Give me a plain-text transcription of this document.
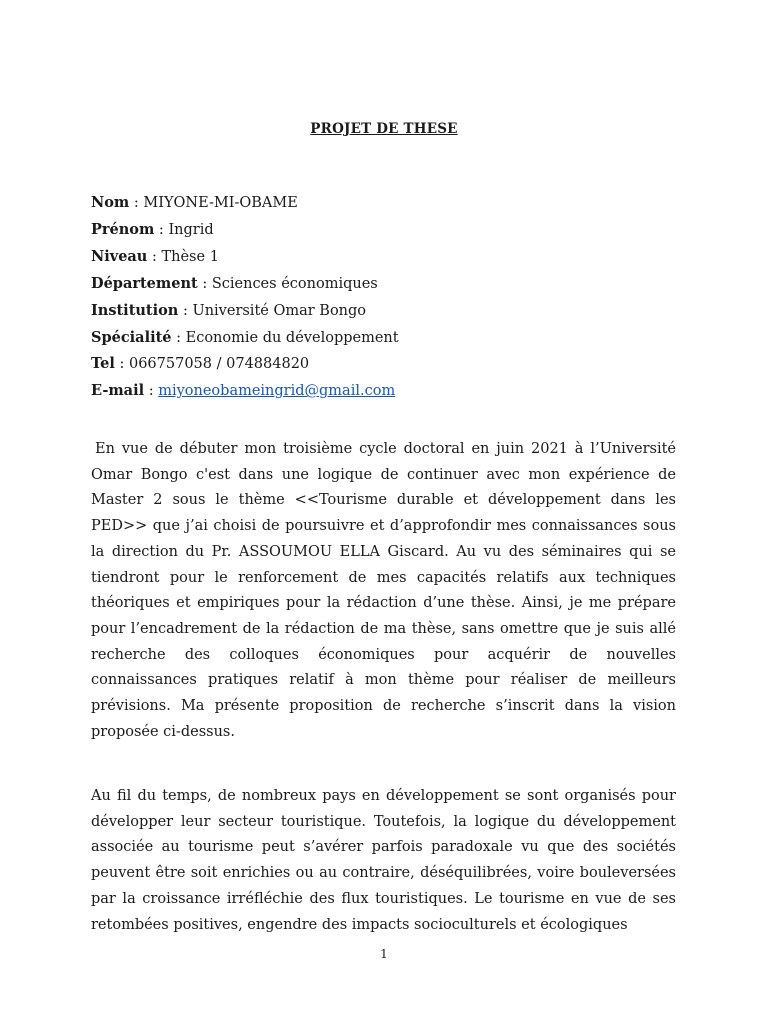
PROJET DE THESE
Nom : MIYONE-MI-OBAME
Prénom : Ingrid
Niveau : Thèse 1
Département : Sciences économiques
Institution : Université Omar Bongo
Spécialité : Economie du développement
Tel : 066757058 / 074884820
E-mail : miyoneobameingrid@gmail.com

En vue de débuter mon troisième cycle doctoral en juin 2021 à l’Université Omar Bongo c'est dans une logique de continuer avec mon expérience de Master 2 sous le thème <<Tourisme durable et développement dans les PED>> que j’ai choisi de poursuivre et d’approfondir mes connaissances sous la direction du Pr. ASSOUMOU ELLA Giscard. Au vu des séminaires qui se tiendront pour le renforcement de mes capacités relatifs aux techniques théoriques et empiriques pour la rédaction d’une thèse. Ainsi, je me prépare pour l’encadrement de la rédaction de ma thèse, sans omettre que je suis allé recherche des colloques économiques pour acquérir de nouvelles connaissances pratiques relatif à mon thème pour réaliser de meilleurs prévisions. Ma présente proposition de recherche s’inscrit dans la vision proposée ci-dessus.

Au fil du temps, de nombreux pays en développement se sont organisés pour développer leur secteur touristique. Toutefois, la logique du développement associée au tourisme peut s’avérer parfois paradoxale vu que des sociétés peuvent être soit enrichies ou au contraire, déséquilibrées, voire bouleversées par la croissance irréfléchie des flux touristiques. Le tourisme en vue de ses retombées positives, engendre des impacts socioculturels et écologiques

1
